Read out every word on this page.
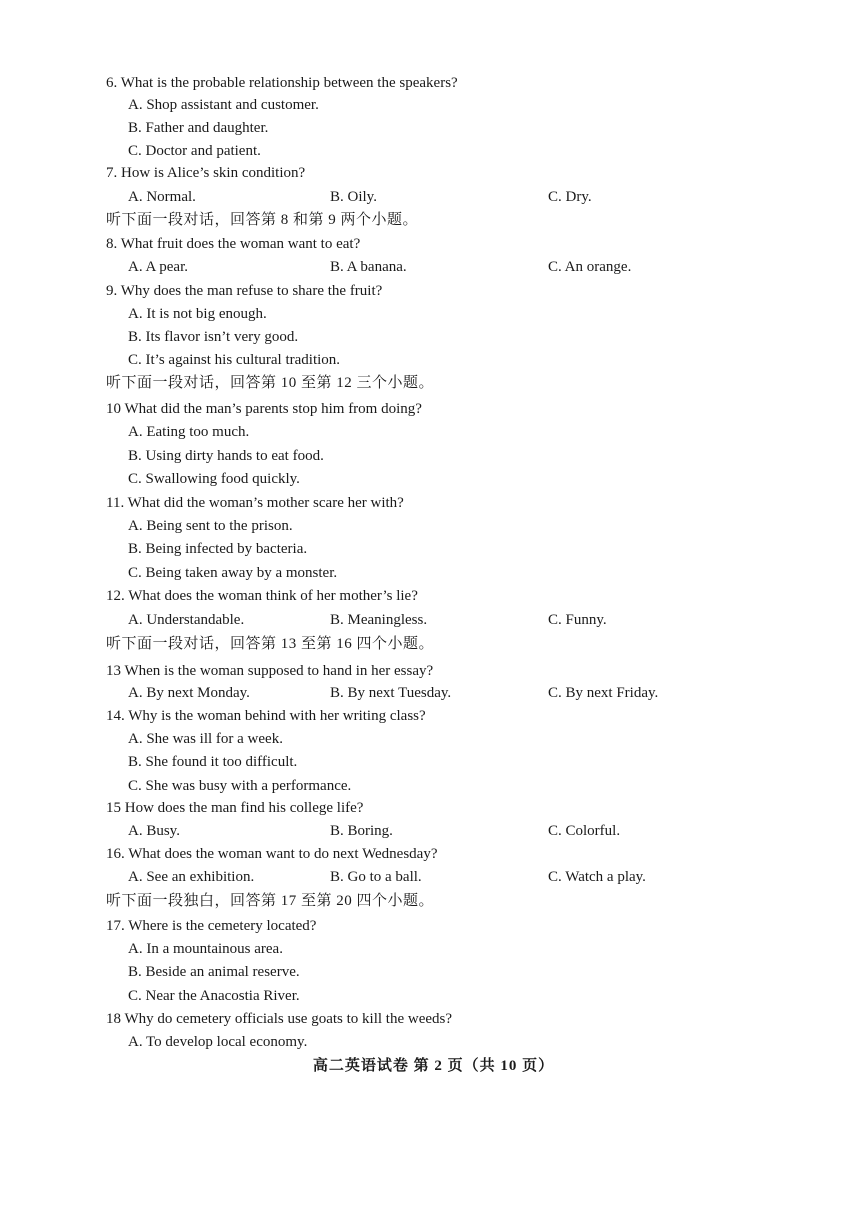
6. What is the probable relationship between the speakers?
A. Shop assistant and customer.
B. Father and daughter.
C. Doctor and patient.
7. How is Alice’s skin condition?
A. Normal.	B. Oily.	C. Dry.
听下面一段对话，回答第 8 和第 9 两个小题。
8. What fruit does the woman want to eat?
A. A pear.	B. A banana.	C. An orange.
9. Why does the man refuse to share the fruit?
A. It is not big enough.
B. Its flavor isn’t very good.
C. It’s against his cultural tradition.
听下面一段对话，回答第 10 至第 12 三个小题。
10 What did the man’s parents stop him from doing?
A. Eating too much.
B. Using dirty hands to eat food.
C. Swallowing food quickly.
11. What did the woman’s mother scare her with?
A. Being sent to the prison.
B. Being infected by bacteria.
C. Being taken away by a monster.
12. What does the woman think of her mother’s lie?
A. Understandable.	B. Meaningless.	C. Funny.
听下面一段对话，回答第 13 至第 16 四个小题。
13 When is the woman supposed to hand in her essay?
A. By next Monday.	B. By next Tuesday.	C. By next Friday.
14. Why is the woman behind with her writing class?
A. She was ill for a week.
B. She found it too difficult.
C. She was busy with a performance.
15 How does the man find his college life?
A. Busy.	B. Boring.	C. Colorful.
16. What does the woman want to do next Wednesday?
A. See an exhibition.	B. Go to a ball.	C. Watch a play.
听下面一段独白，回答第 17 至第 20 四个小题。
17. Where is the cemetery located?
A. In a mountainous area.
B. Beside an animal reserve.
C. Near the Anacostia River.
18 Why do cemetery officials use goats to kill the weeds?
A. To develop local economy.
高二英语试卷 第 2 页（共 10 页）
